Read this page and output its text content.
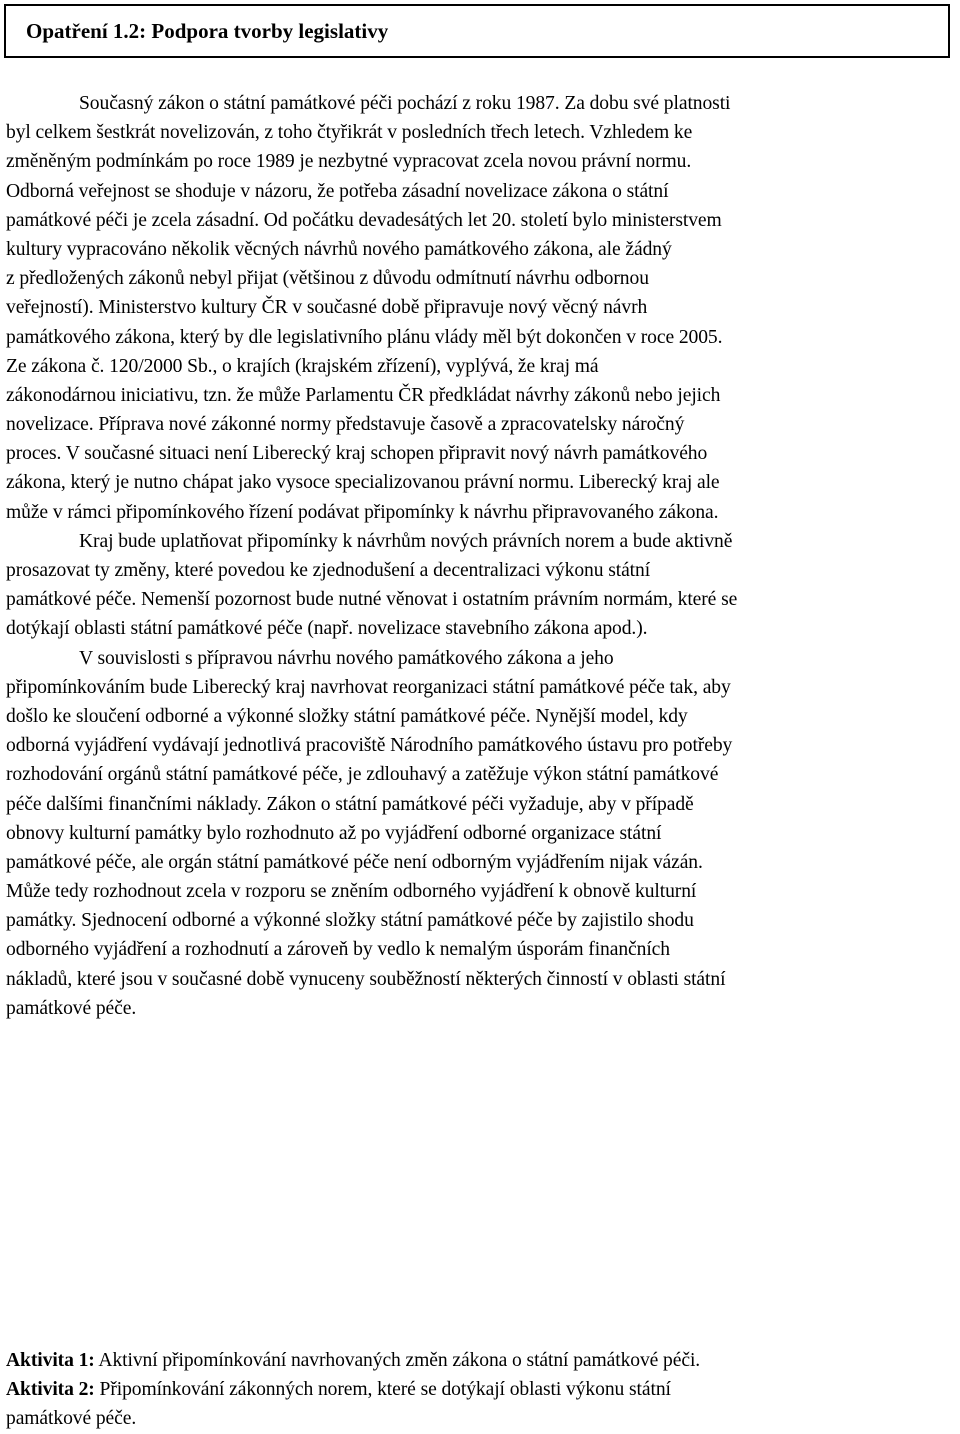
Opatření 1.2: Podpora tvorby legislativy
Současný zákon o státní památkové péči pochází z roku 1987. Za dobu své platnosti
byl celkem šestkrát novelizován, z toho čtyřikrát v posledních třech letech. Vzhledem ke
změněným podmínkám po roce 1989 je nezbytné vypracovat zcela novou právní normu.
Odborná veřejnost se shoduje v názoru, že potřeba zásadní novelizace zákona o státní
památkové péči je zcela zásadní. Od počátku devadesátých let 20. století bylo ministerstvem
kultury vypracováno několik věcných návrhů nového památkového zákona, ale žádný
z předložených zákonů nebyl přijat (většinou z důvodu odmítnutí návrhu odbornou
veřejností). Ministerstvo kultury ČR v současné době připravuje nový věcný návrh
památkového zákona, který by dle legislativního plánu vlády měl být dokončen v roce 2005.
Ze zákona č. 120/2000 Sb., o krajích (krajském zřízení), vyplývá, že kraj má
zákonodárnou iniciativu, tzn. že může Parlamentu ČR předkládat návrhy zákonů nebo jejich
novelizace. Příprava nové zákonné normy představuje časově a zpracovatelsky náročný
proces. V současné situaci není Liberecký kraj schopen připravit nový návrh památkového
zákona, který je nutno chápat jako vysoce specializovanou právní normu. Liberecký kraj ale
může v rámci připomínkového řízení podávat připomínky k návrhu připravovaného zákona.
Kraj bude uplatňovat připomínky k návrhům nových právních norem a bude aktivně
prosazovat ty změny, které povedou ke zjednodušení a decentralizaci výkonu státní
památkové péče. Nemenší pozornost bude nutné věnovat i ostatním právním normám, které se
dotýkají oblasti státní památkové péče (např. novelizace stavebního zákona apod.).
V souvislosti s přípravou návrhu nového památkového zákona a jeho
připomínkováním bude Liberecký kraj navrhovat reorganizaci státní památkové péče tak, aby
došlo ke sloučení odborné a výkonné složky státní památkové péče. Nynější model, kdy
odborná vyjádření vydávají jednotlivá pracoviště Národního památkového ústavu pro potřeby
rozhodování orgánů státní památkové péče, je zdlouhavý a zatěžuje výkon státní památkové
péče dalšími finančními náklady. Zákon o státní památkové péči vyžaduje, aby v případě
obnovy kulturní památky bylo rozhodnuto až po vyjádření odborné organizace státní
památkové péče, ale orgán státní památkové péče není odborným vyjádřením nijak vázán.
Může tedy rozhodnout zcela v rozporu se zněním odborného vyjádření k obnově kulturní
památky. Sjednocení odborné a výkonné složky státní památkové péče by zajistilo shodu
odborného vyjádření a rozhodnutí a zároveň by vedlo k nemalým úsporám finančních
nákladů, které jsou v současné době vynuceny souběžností některých činností v oblasti státní
památkové péče.
Aktivita 1: Aktivní připomínkování navrhovaných změn zákona o státní památkové péči.
Aktivita 2: Připomínkování zákonných norem, které se dotýkají oblasti výkonu státní
památkové péče.
